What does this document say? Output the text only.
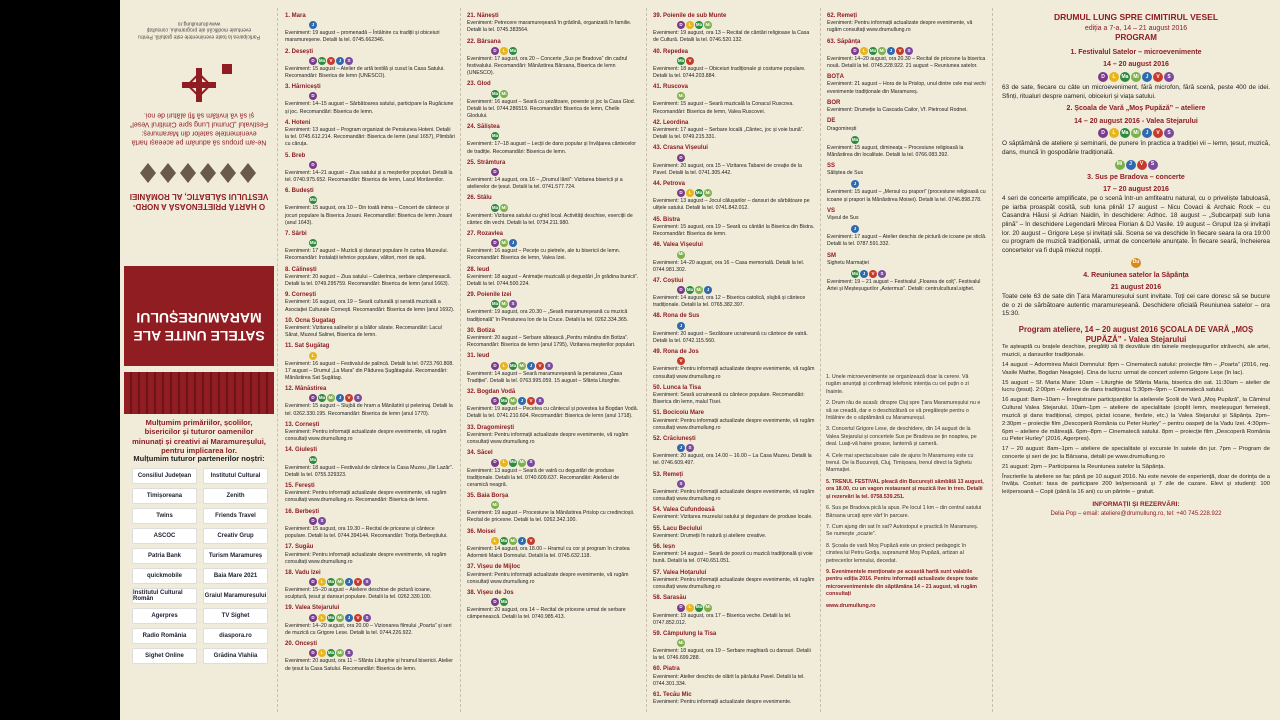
Participarea la toate evenimentele este gratuită. Pentru eventuale modificări ale programului, consultați www.drumullung.ro
Ne-am propus să adunăm pe aceeași hartă evenimentele satelor din Maramureș: Festivalul „Drumul Lung spre Cimitirul Vesel” și să vă invităm să fiți alături de noi.
O HARTĂ PRIETENOASĂ A NORD-VESTULUI SĂLBATIC, AL ROMÂNIEI
SATELE UNITE ALE MARAMUREȘULUI
Mulțumim primăriilor, școlilor, bisericilor și tuturor oamenilor minunați și creativi ai Maramureșului, pentru implicarea lor.
Mulțumim tuturor partenerilor noștri:
Consiliul Județean	Institutul Cultural
Timișoreana	Zenith
Twins	Friends Travel
ASCOC	Creativ Grup
Patria Bank	Turism Maramureș
quickmobile	Baia Mare 2021
Institutul Cultural Român	Graiul Maramureșului
Agerpres	TV Sighet
Radio România	diaspora.ro
Sighet Online	Grădina Vlahiia
1. Mara
J
Eveniment: 19 august – promenadă – Întâlnire cu tradiții și obiceiuri maramureșene. Detalii la tel. 0745.662346.
2. Desești
D Ma V	J	S
Eveniment: 15 august – Atelier de artă textilă și cusut la Casa Satului. Recomandări: Biserica de lemn (UNESCO).
3. Hărnicești
D
Eveniment: 14–15 august – Sărbătoarea satului, participare la Rugăciune și joc. Recomandări: Biserica de lemn.
4. Hoteni
Eveniment: 13 august – Program organizat de Pensiunea Hoteni. Detalii la tel. 0745.612.214. Recomandări: Biserica de lemn (anul 1657), Plimbări cu căruța.
5. Breb
D
Eveniment: 14–21 august – Ziua satului și a meșterilor populari. Detalii la tel. 0740.975.652. Recomandări: Biserica de lemn, Lacul Morărenilor.
6. Budești
Ma
Eveniment: 15 august, ora 10 – Din toată inima – Concert de cântece și jocuri populare la Biserica Josani. Recomandări: Biserica de lemn Josani (anul 1643).
7. Sârbi
Ma
Eveniment: 17 august – Muzică și dansuri populare în curtea Muzeului. Recomandări: Instalații tehnice populare, vâltori, mori de apă.
8. Călinești
Eveniment: 20 august – Ziua satului – Caterinca, serbare câmpenească. Detalii la tel. 0749.295759. Recomandări: Biserica de lemn (anul 1663).
9. Cornești
Eveniment: 16 august, ora 19 – Seară culturală și serată muzicală a Asociației Culturale Cornești. Recomandări: Biserica de lemn (anul 1692).
10. Ocna Șugatag
Eveniment: Vizitarea salinelor și a băilor sărate. Recomandări: Lacul Sărat, Muzeul Salinei, Biserica de lemn.
11. Sat Șugătag
L
Eveniment: 16 august – Festivalul de palincă. Detalii la tel. 0723.760.808. 17 august – Drumul „La Mara” din Pădurea Șugătagului. Recomandări: Mănăstirea Sat Șugătag.
12. Mănăstirea
D Ma Mi	J	V	S
Eveniment: 15 august – Slujbă de hram a Mănăstirii și pelerinaj. Detalii la tel. 0262.330.195. Recomandări: Biserica de lemn (anul 1770).
13. Cornești
Eveniment: Pentru informații actualizate despre evenimente, vă rugăm consultați www.drumullung.ro
14. Giulești
Ma
Eveniment: 18 august – Festivalul de cântece la Casa Muzeu „Ilie Lazăr”. Detalii la tel. 0755.329323.
15. Ferești
Eveniment: Pentru informații actualizate despre evenimente, vă rugăm consultați www.drumullung.ro. Recomandări: Biserica de lemn.
16. Berbești
D	S
Eveniment: 15 august, ora 19.30 – Recital de pricesne și cântece populare. Detalii la tel. 0744.394144. Recomandări: Troița Berbeștiului.
17. Sugău
Eveniment: Pentru informații actualizate despre evenimente, vă rugăm consultați www.drumullung.ro
18. Vadu Izei
D	L Ma Mi	J	V	S
Eveniment: 15–20 august – Ateliere deschise de pictură icoane, sculptură, țesut și dansuri populare. Detalii la tel. 0262.330.100.
19. Valea Stejarului
D	L Ma Mi	J	V	S
Eveniment: 14–20 august, ora 20.00 – Vizionarea filmului „Poarta” și seri de muzică cu Grigore Lese. Detalii la tel. 0744.226.922.
20. Oncești
D	L Ma Mi	S
Eveniment: 20 august, ora 11 – Sfânta Liturghie și hramul bisericii. Atelier de țesut la Casa Satului. Recomandări: Biserica de lemn.
21. Nănești
Eveniment: Petrecere maramureșeană în grădină, organizată în familie. Detalii la tel. 0745.383564.
22. Bârsana
D	L Ma
Eveniment: 17 august, ora 20 – Concerte „Sus pe Bradova” din cadrul festivalului. Recomandări: Mănăstirea Bârsana, Biserica de lemn (UNESCO).
23. Glod
Ma Mi
Eveniment: 16 august – Seară cu șezătoare, poveste și joc la Casa Glod. Detalii la tel. 0744.286519. Recomandări: Biserica de lemn, Cheile Glodului.
24. Săliștea
Ma
Eveniment: 17–18 august – Lecții de dans popular și învățarea cântecelor de tradiție. Recomandări: Biserica de lemn.
25. Strâmtura
D
Eveniment: 14 august, ora 16 – „Drumul lânii”: Vizitarea bisericii și a atelierelor de țesut. Detalii la tel. 0741.577.724.
26. Stâlu
Ma Mi
Eveniment: Vizitarea satului cu ghid local. Activități deschise, exerciții de cântec din vechi. Detalii la tel. 0734.211.980.
27. Rozavlea
D	Mi	J
Eveniment: 16 august – Pecețe cu pietrele, ale tu bisericii de lemn. Recomandări: Biserica de lemn, Valea Izei.
28. Ieud
Eveniment: 18 august – Animație muzicală și degustări „În grădina bunicii”. Detalii la tel. 0744.500.224.
29. Poienile Izei
Ma Mi	S
Eveniment: 19 august, ora 20.30 – „Seară maramureșeană cu muzică tradițională” în Pensiunea Ion de la Cruce. Detalii la tel. 0262.334.365.
30. Botiza
Eveniment: 20 august – Serbare sătească „Pentru mândra din Botiza”. Recomandări: Biserica de lemn (anul 1795), Vizitarea meșterilor populari.
31. Ieud
D	L Ma Mi	J	V	S
Eveniment: 14 august – Seară maramureșeană la pensiunea „Casa Tradiției”. Detalii la tel. 0763.995.059. 15 august – Sfânta Liturghie.
32. Bogdan Vodă
D Ma Mi	J	V	S
Eveniment: 19 august – Pecetea cu cântecul și povestea lui Bogdan Vodă. Detalii la tel. 0741.210.604. Recomandări: Biserica de lemn (anul 1718).
33. Dragomirești
Eveniment: Pentru informații actualizate despre evenimente, vă rugăm consultați www.drumullung.ro
34. Săcel
D	L Ma Mi	S
Eveniment: 13 august – Seară de vatră cu degustări de produse tradiționale. Detalii la tel. 0740.609.637. Recomandări: Atelierul de ceramică neagră.
35. Baia Borșa
Mi
Eveniment: 19 august – Procesiune la Mănăstirea Prislop cu credincioșii. Recital de pricesne. Detalii la tel. 0262.342.100.
36. Moisei
L Ma Mi	J	V
Eveniment: 14 august, ora 18.00 – Hramul cu cor și program în cinstea Adormirii Maicii Domnului. Detalii la tel. 0745.632.118.
37. Vișeu de Mijloc
Eveniment: Pentru informații actualizate despre evenimente, vă rugăm consultați www.drumullung.ro
38. Vișeu de Jos
D Ma
Eveniment: 20 august, ora 14 – Recital de pricesne urmat de serbare câmpenească. Detalii la tel. 0740.985.413.
39. Poienile de sub Munte
D	L Ma Mi
Eveniment: 19 august, ora 13 – Recital de cântări religioase la Casa de Cultură. Detalii la tel. 0746.520.132.
40. Repedea
Ma V
Eveniment: 18 august – Obiceiuri tradiționale și costume populare. Detalii la tel. 0744.203.884.
41. Ruscova
Mi
Eveniment: 15 august – Seară muzicală la Conacul Ruscova. Recomandări: Biserica de lemn, Valea Ruscovei.
42. Leordina
Eveniment: 17 august – Serbare locală „Căntec, joc și voie bună”. Detalii la tel. 0749.215.331.
43. Crasna Vișeului
D
Eveniment: 20 august, ora 15 – Vizitarea Tabarei de creație de la Pavel. Detalii la tel. 0741.305.442.
44. Petrova
D	L Ma Mi
Eveniment: 13 august – Jocul călușarilor – dansuri de sărbătoare pe ulițele satului. Detalii la tel. 0741.842.012.
45. Bistra
Eveniment: 15 august, ora 19 – Seară cu cântări la Biserica din Bistra. Recomandări: Biserica de lemn.
46. Valea Vișeului
Mi
Eveniment: 14–20 august, ora 16 – Casa memorială. Detalii la tel. 0744.981.302.
47. Coștiui
D Ma Mi	J
Eveniment: 14 august, ora 12 – Biserica catolică, slujbă și cântece tradiționale. Detalii la tel. 0765.382.397.
48. Rona de Sus
J
Eveniment: 20 august – Sezătoare ucraineană cu cântece de vatră. Detalii la tel. 0742.115.560.
49. Rona de Jos
V
Eveniment: Pentru informații actualizate despre evenimente, vă rugăm consultați www.drumullung.ro
50. Lunca la Tisa
Eveniment: Seară ucraineană cu cântece populare. Recomandări: Biserica din lemn, malul Tisei.
51. Bocicoiu Mare
Eveniment: Pentru informații actualizate despre evenimente, vă rugăm consultați www.drumullung.ro
52. Crăciunești
J	S
Eveniment: 20 august, ora 14.00 – 16.00 – La Casa Muzeu. Detalii la tel. 0746.609.497.
53. Remeți
S
Eveniment: Pentru informații actualizate despre evenimente, vă rugăm consultați www.drumullung.ro
54. Valea Cufundoasă
Eveniment: Vizitarea muzeului satului și degustare de produse locale.
55. Lacu Beciului
Eveniment: Drumeții în natură și ateliere creative.
56. Ieșn
Eveniment: 14 august – Seară de poezii cu muzică tradițională și voie bună. Detalii la tel. 0740.651.051.
57. Valea Hoțarului
Eveniment: Pentru informații actualizate despre evenimente, vă rugăm consultați www.drumullung.ro
58. Sarasău
D	L Ma Mi
Eveniment: 19 august, ora 17 – Biserica veche. Detalii la tel. 0747.852.012.
59. Câmpulung la Tisa
Mi
Eveniment: 18 august, ora 19 – Serbare maghiară cu dansuri. Detalii la tel. 0746.699.288.
60. Piatra
Eveniment: Atelier deschis de olărit la pârâului Pavel. Detalii la tel. 0744.301.334.
61. Tecău Mic
Eveniment: Pentru informații actualizate despre evenimente.
62. Remeți
Eveniment: Pentru informații actualizate despre evenimente, vă rugăm consultați www.drumullung.ro
63. Săpânța
D	L Ma Mi	J	V	S
Eveniment: 14–20 august, ora 20.30 – Recital de pricesne la biserica nouă. Detalii la tel. 0745.228.922. 21 august – Reuniunea satelor.
BOȚA
Eveniment: 21 august – Hora de la Prislop, unul dintre cele mai vechi evenimente tradiționale din Maramureș.
BOR
Eveniment: Drumeție la Cascada Cailor, Vf. Pietrosul Rodnei.
DE
Dragomirești
Ma
Eveniment: 15 august, dimineața – Procesiune religioasă la Mănăstirea din localitate. Detalii la tel. 0766.083.392.
SS
Săliștea de Sus
J
Eveniment: 15 august – „Mersul cu prapori” (procesiune religioasă cu icoane și prapori la Mănăstirea Moisei). Detalii la tel. 0746.898.278.
VS
Vișeul de Sus
J
Eveniment: 17 august – Atelier deschis de pictură de icoane pe sticlă. Detalii la tel. 0787.591.332.
SM
Sighetu Marmației
Ma	J	V	S
Eveniment: 19 – 21 august – Festivalul „Floarea de colț”. Festivalul Artei și Meșteșugurilor „Astermus”. Detalii: centrulcultural.sighet.

1. Unele microevenimente se organizează doar la cerere. Vă rugăm anunțați și confirmați telefonic intenția cu cel puțin o zi înainte.

2. Drum rău de acasă: dinspre Cluj spre Țara Maramureșului nu e să se creadă, dar e o deschizătură ce vă pregătește pentru o întâlnire de o săptămână cu Maramureșul.

3. Concertul Grigore Lese, de deschidere, din 14 august de la Valea Stejarului și concertele Sus pe Bradova se țin noaptea, pe deal. Luați-vă haine groase, lanternă și cameră.

4. Cele mai spectaculoase cale de ajuns în Maramureș este cu trenul. De la București, Cluj, Timișoara, trenul direct la Sighetu Marmației.

5. TRENUL FESTIVAL pleacă din București sâmbătă 13 august, ora 18.00, cu un vagon restaurant și muzică live în tren. Detalii și rezervări la tel. 0758.539.251.

6. Sus pe Bradova pică la apus. Pe locul 1 km – din centrul satului Bârsana urcați spre vârf în parcare.

7. Cum ajung din sat în sat? Autostopul e practică în Maramureș. Se numește „ocazie”.

8. Școala de vară Moș Pupăză este un proiect pedagogic în cinstea lui Petru Godja, supranumit Moș Pupăză, artizan al petrecerilor lemnului, decedat.

9. Evenimentele menționate pe această hartă sunt valabile pentru ediția 2016. Pentru informații actualizate despre toate microevenimentele din săptămâna 14 – 21 august, vă rugăm consultați

www.drumullung.ro

DRUMUL LUNG SPRE CIMITIRUL VESEL
ediția a 7-a, 14 – 21 august 2016
PROGRAM
1. Festivalul Satelor – microevenimente
14 – 20 august 2016
D	L	Ma Mi	J	V	S
63 de sate, fiecare cu câte un microeveniment, fără microfon, fără scenă, peste 400 de idei. Sfinți, ritualuri despre oameni, obiceiuri și viața satului.
2. Școala de Vară „Moș Pupăză” – ateliere
14 – 20 august 2016 - Valea Stejarului
D	L	Ma Mi	J	V	S
O săptămână de ateliere și seminarii, de punere în practica a tradiției vii – lemn, țesut, muzică, dans, muncă în gospodărie tradițională.
Mi	J	V	S
3. Sus pe Bradova – concerte
17 – 20 august 2016
4 seri de concerte amplificate, pe o scenă într-un amfiteatru natural, cu o priveliște fabuloasă, pe iarba proaspăt cosită, sub luna plină! 17 august – Nicu Covaci & Archaic Rock – cu Casandra Hăusi și Adrian Naidin, în deschidere: Adhoc. 18 august – „Subcarpați sub luna plină” – în deschidere Legendarii Mircea Florian & DJ Vasile. 19 august – Grupul Iza și invitații lor. 20 august – Grigore Leșe și invitații săi. Scena se va deschide în fiecare seara la ora 19:00 cu program de muzică tradițională, urmat de concertele anunțate. În fiecare seară, încheierea concertelor va fi după miezul nopții.
Du
4. Reuniunea satelor la Săpânța
21 august 2016
Toate cele 63 de sate din Țara Maramureșului sunt invitate. Toți cei care doresc să se bucure de o zi de sărbătoare autentic maramureșeană. Deschidere oficială Reuniunea satelor – ora 15:30.
Program ateliere, 14 – 20 august 2016 ȘCOALA DE VARĂ „MOȘ PUPĂZĂ” - Valea Stejarului
Te așteaptă cu brațele deschise, pregătiți să îți dezvăluie din tainele meșteșugurilor străvechi, ale artei, muzicii, a dansurilor tradiționale.
14 august – Adormirea Maicii Domnului: 8pm – Cinematecă satului: proiecție film – „Poarta” (2016, reg. Vasile Mathe, Bogdan Neagoie). Cina de lucru: urmat de concert solemn Grigore Leșe (în lac).
15 august – Sf. Maria Mare: 10am – Liturghie de Sfânta Maria, biserica din sat. 11:30am – atelier de lucru (țesut). 2:00pm – Ateliere de dans tradițional. 5:30pm–9pm – Cinematecă satului.
16 august: 8am–10am – Înregistrare participanților la atelierele Școlii de Vară „Moș Pupăză”, la Căminul Cultural Valea Stejarului. 10am–1pm – ateliere de specialitate (cioplit lemn, meșteșuguri femeiești, muzică și dans tradițional, cimpoi, pictat icoane, fierărie, etc.) la Valea Stejarului și Săpânța. 2pm–2:30pm – proiecție film „Descoperă România cu Peter Hurley” – pentru oaspeți de la Vadu Izei. 4:30pm–6pm – ateliere de mătreață. 6pm–8pm – Cinematecă satului. 8pm – proiecție film „Descoperă România cu Peter Hurley” (2016, Agerpres).
17 – 20 august: 8am–1pm – ateliere de specialitate și excursie în satele din jur. 7pm – Program de concerte și seri de joc la Bârsana, detalii pe www.drumullung.ro
21 august: 2pm – Participarea la Reuniunea satelor la Săpânța.
Înscrierile la ateliere se fac până pe 10 august 2016. Nu este nevoie de experiență, doar de dorința de a învăța. Costuri: taxa de participare 200 lei/persoană și 7 zile de cazare. Elevi și studenți: 100 lei/persoană – Copii (până la 16 ani) cu un părinte – gratuit.
INFORMAȚII ȘI REZERVĂRI:
Delia Pop – email: ateliere@drumullung.ro, tel: +40 745.228.922
